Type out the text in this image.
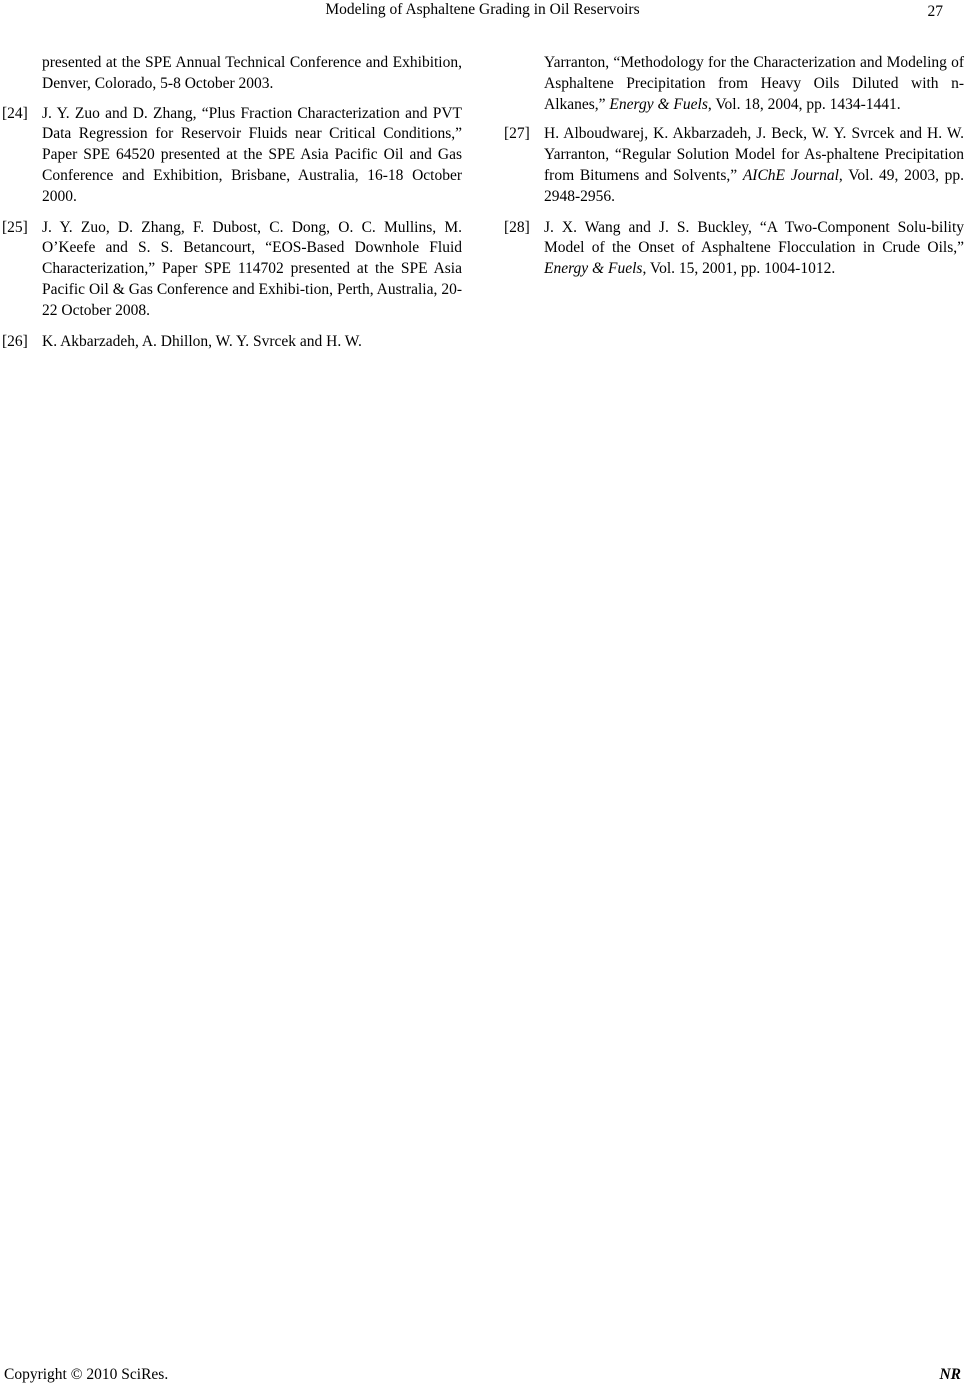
Modeling of Asphaltene Grading in Oil Reservoirs	27
presented at the SPE Annual Technical Conference and Exhibition, Denver, Colorado, 5-8 October 2003.
[24] J. Y. Zuo and D. Zhang, “Plus Fraction Characterization and PVT Data Regression for Reservoir Fluids near Critical Conditions,” Paper SPE 64520 presented at the SPE Asia Pacific Oil and Gas Conference and Exhibition, Brisbane, Australia, 16-18 October 2000.
[25] J. Y. Zuo, D. Zhang, F. Dubost, C. Dong, O. C. Mullins, M. O’Keefe and S. S. Betancourt, “EOS-Based Downhole Fluid Characterization,” Paper SPE 114702 presented at the SPE Asia Pacific Oil & Gas Conference and Exhibi-tion, Perth, Australia, 20-22 October 2008.
[26] K. Akbarzadeh, A. Dhillon, W. Y. Svrcek and H. W.
Yarranton, “Methodology for the Characterization and Modeling of Asphaltene Precipitation from Heavy Oils Diluted with n-Alkanes,” Energy & Fuels, Vol. 18, 2004, pp. 1434-1441.
[27] H. Alboudwarej, K. Akbarzadeh, J. Beck, W. Y. Svrcek and H. W. Yarranton, “Regular Solution Model for As-phaltene Precipitation from Bitumens and Solvents,” AIChE Journal, Vol. 49, 2003, pp. 2948-2956.
[28] J. X. Wang and J. S. Buckley, “A Two-Component Solu-bility Model of the Onset of Asphaltene Flocculation in Crude Oils,” Energy & Fuels, Vol. 15, 2001, pp. 1004-1012.
Copyright © 2010 SciRes.	NR
